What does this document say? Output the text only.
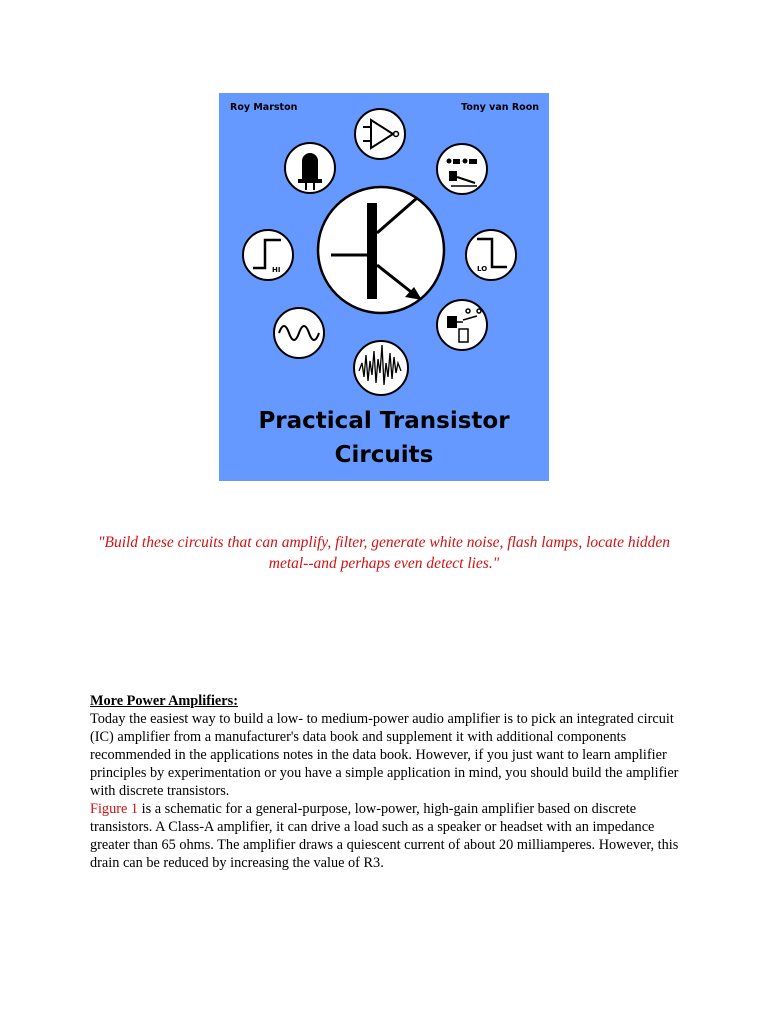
HI	LO
Roy Marston	Tony van Roon
Practical Transistor
Circuits
"Build these circuits that can amplify, filter, generate white noise, flash lamps, locate hidden metal--and perhaps even detect lies."
More Power Amplifiers:

Today the easiest way to build a low- to medium-power audio amplifier is to pick an integrated circuit (IC) amplifier from a manufacturer's data book and supplement it with additional components recommended in the applications notes in the data book. However, if you just want to learn amplifier principles by experimentation or you have a simple application in mind, you should build the amplifier with discrete transistors.

Figure 1 is a schematic for a general-purpose, low-power, high-gain amplifier based on discrete transistors. A Class-A amplifier, it can drive a load such as a speaker or headset with an impedance greater than 65 ohms. The amplifier draws a quiescent current of about 20 milliamperes. However, this drain can be reduced by increasing the value of R3.
